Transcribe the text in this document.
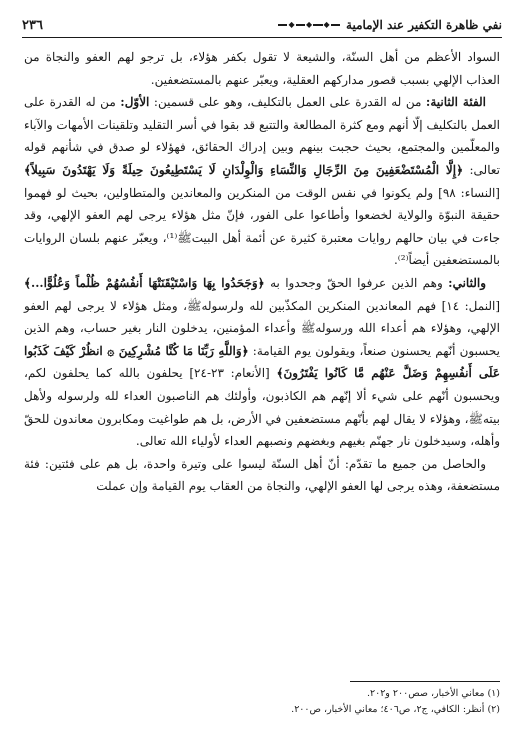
٢٣٦	◆ ◆ ◆ نفي ظاهرة التكفير عند الإمامية

السواد الأعظم من أهل السنّة، والشيعة لا تقول بكفر هؤلاء، بل ترجو لهم العفو والنجاة من العذاب الإلهي بسبب قصور مداركهم العقلية، ويعبّر عنهم بالمستضعفين.

الفئة الثانية: من له القدرة على العمل بالتكليف، وهو على قسمين: الأوّل: من له القدرة على العمل بالتكليف إلّا أنهم ومع كثرة المطالعة والتتبع قد بقوا في أسر التقليد وتلقينات الأمهات والآباء والمعلّمين والمجتمع، بحيث حجبت بينهم وبين إدراك الحقائق، فهؤلاء لو صدق في شأنهم قوله تعالى: ﴿إِلَّا الْمُسْتَضْعَفِينَ مِنَ الرِّجَالِ وَالنِّسَاءِ وَالْوِلْدَانِ لَا يَسْتَطِيعُونَ حِيلَةً وَلَا يَهْتَدُونَ سَبِيلاً﴾ [النساء: ٩٨] ولم يكونوا في نفس الوقت من المنكرين والمعاندين والمتطاولين، بحيث لو فهموا حقيقة النبوّة والولاية لخضعوا وأطاعوا على الفور، فإنّ مثل هؤلاء يرجى لهم العفو الإلهي، وقد جاءت في بيان حالهم روايات معتبرة كثيرة عن أئمة أهل البيتﷺ⁽¹⁾، ويعبّر عنهم بلسان الروايات بالمستضعفين أيضاً⁽²⁾.

والثاني: وهم الذين عرفوا الحقّ وجحدوا به ﴿وَجَحَدُوا بِهَا وَاسْتَيْقَنَتْهَا أَنفُسُهُمْ ظُلْماً وَعُلُوًّا...﴾ [النمل: ١٤] فهم المعاندين المنكرين المكذّبين لله ولرسولهﷺ، ومثل هؤلاء لا يرجى لهم العفو الإلهي، وهؤلاء هم أعداء الله ورسولهﷺ وأعداء المؤمنين، يدخلون النار بغير حساب، وهم الذين يحسبون أنّهم يحسنون صنعاً، ويقولون يوم القيامة: ﴿وَاللَّهِ رَبِّنَا مَا كُنَّا مُشْرِكِينَ ۞ انظُرْ كَيْفَ كَذَبُوا عَلَى أَنفُسِهِمْ وَضَلَّ عَنْهُم مَّا كَانُوا يَفْتَرُونَ﴾ [الأنعام: ٢٣-٢٤] يحلفون بالله كما يحلفون لكم، ويحسبون أنّهم على شيء ألا إنّهم هم الكاذبون، وأولئك هم الناصبون العداء لله ولرسوله ولأهل بيتهﷺ، وهؤلاء لا يقال لهم بأنّهم مستضعفين في الأرض، بل هم طواغيت ومكابرون معاندون للحقّ وأهله، وسيدخلون نار جهنّم بغيهم وبغضهم ونصبهم العداء لأولياء الله تعالى.

والحاصل من جميع ما تقدّم: أنّ أهل السنّة ليسوا على وتيرة واحدة، بل هم على فئتين: فئة مستضعفة، وهذه يرجى لها العفو الإلهي، والنجاة من العقاب يوم القيامة وإن عملت

(١) معاني الأخبار، صص٢٠٠ و٢٠٢.
(٢) أنظر: الكافي، ج٢، ص٤٠٦؛ معاني الأخبار، ص٢٠٠.
